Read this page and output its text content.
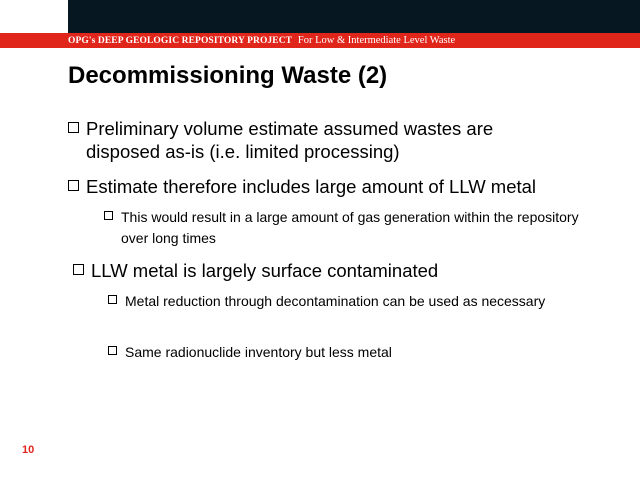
OPG's DEEP GEOLOGIC REPOSITORY PROJECT For Low & Intermediate Level Waste
Decommissioning Waste (2)
Preliminary volume estimate assumed wastes are disposed as-is (i.e. limited processing)
Estimate therefore includes large amount of LLW metal
This would result in a large amount of gas generation within the repository over long times
LLW metal is largely surface contaminated
Metal reduction through decontamination can be used as necessary
Same radionuclide inventory but less metal
10
